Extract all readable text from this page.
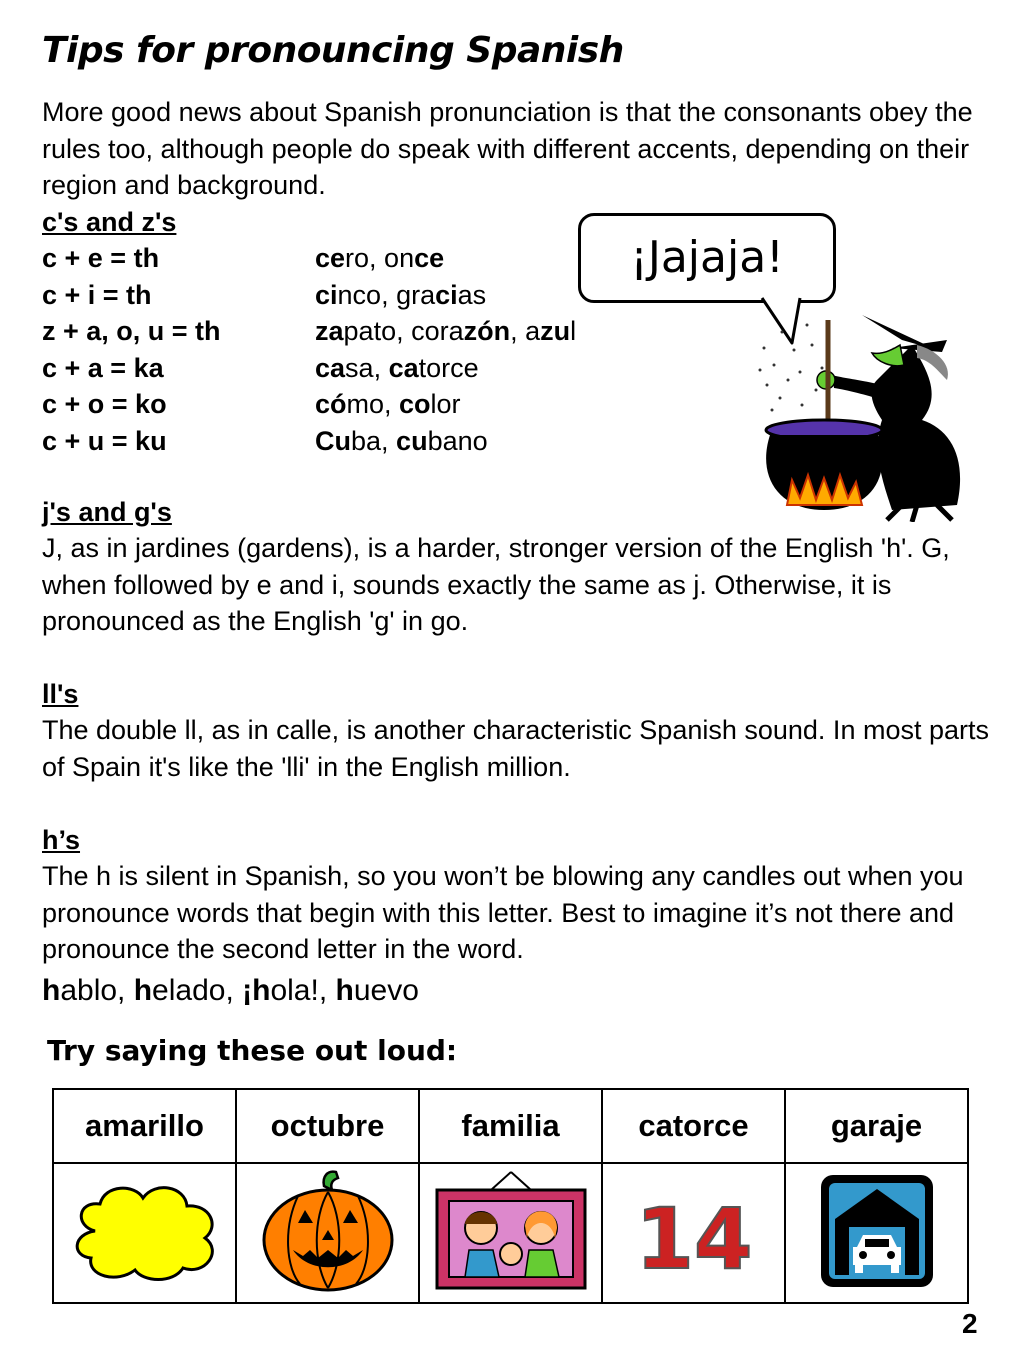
Tips for pronouncing Spanish

More good news about Spanish pronunciation is that the consonants obey the rules too, although people do speak with different accents, depending on their region and background.

c's and z's
c + e = th	cero, once
c + i = th	cinco, gracias
z + a, o, u = th	zapato, corazón, azul
c + a = ka	casa, catorce
c + o = ko	cómo, color
c + u = ku	Cuba, cubano

¡Jajaja!

j's and g's

J, as in jardines (gardens), is a harder, stronger version of the English 'h'. G, when followed by e and i, sounds exactly the same as j. Otherwise, it is pronounced as the English 'g' in go.

ll's

The double ll, as in calle, is another characteristic Spanish sound. In most parts of Spain it's like the 'lli' in the English million.

h’s

The h is silent in Spanish, so you won’t be blowing any candles out when you pronounce words that begin with this letter. Best to imagine it’s not there and pronounce the second letter in the word.

hablo, helado, ¡hola!, huevo

Try saying these out loud:

amarillo	octubre	familia	catorce	garaje

14

2
